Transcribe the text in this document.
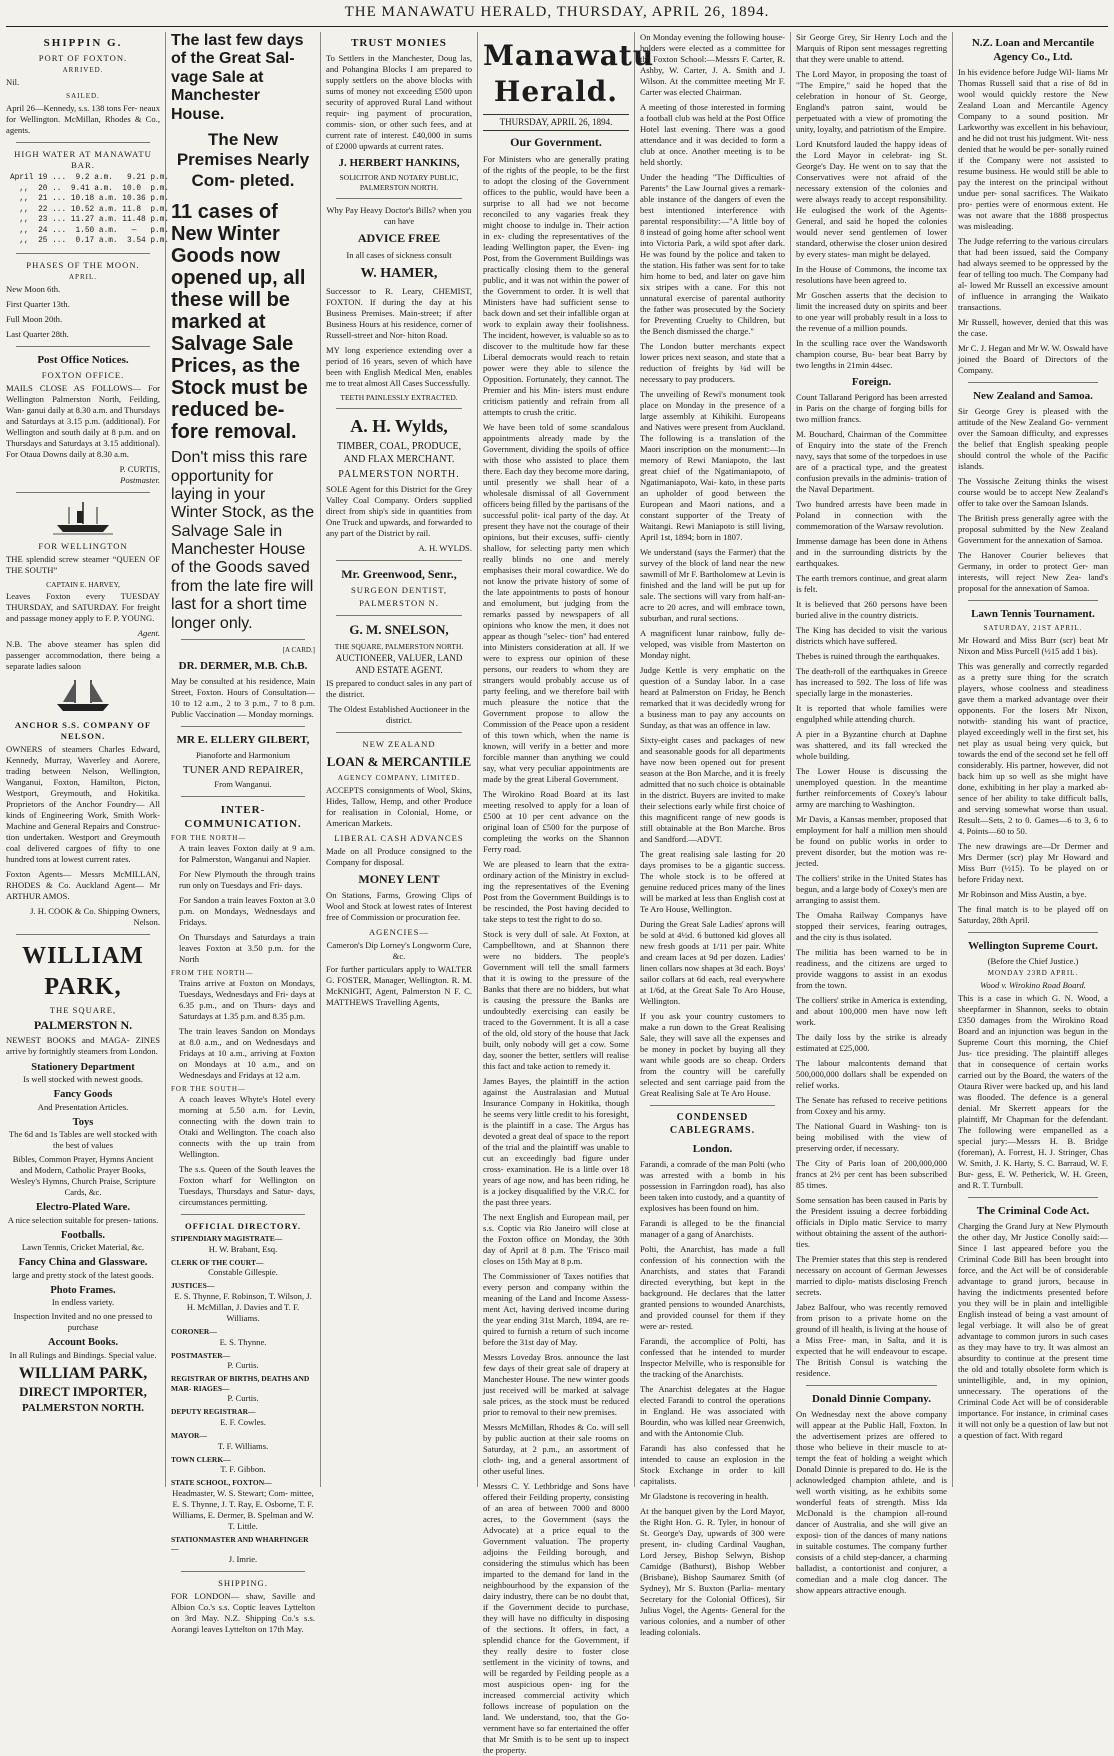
THE MANAWATU HERALD, THURSDAY, APRIL 26, 1894.
SHIPPIN G.
PORT OF FOXTON.
ARRIVED.

Nil.

SAILED.

April 26—Kennedy, s.s. 138 tons Fer- neaux for Wellington. McMillan, Rhodes & Co., agents.

HIGH WATER AT MANAWATU BAR.
April 19 ...  9.2 a.m.   9.21 p.m.
,,  20 ..  9.41 a.m.  10.0  p.m.
,,  21 ... 10.18 a.m. 10.36 p.m.
,,  22 ... 10.52 a.m. 11.8  p.m.
,,  23 ... 11.27 a.m. 11.48 p.m.
,,  24 ...  1.50 a.m.   —   p.m.
,,  25 ...  0.17 a.m.  3.54 p.m.
PHASES OF THE MOON.
APRIL.

New Moon 6th.

First Quarter 13th.

Full Moon 20th.

Last Quarter 28th.

Post Office Notices.
FOXTON OFFICE.

MAILS CLOSE AS FOLLOWS— For Wellington Palmerston North, Feilding, Wan- ganui daily at 8.30 a.m. and Thursdays and Saturdays at 3.15 p.m. (additional). For Wellington and south daily at 8 p.m. and on Thursdays and Saturdays at 3.15 additional). For Otaua Downs daily at 8.30 a.m.

P. CURTIS,
Postmaster.
FOR WELLINGTON

THE splendid screw steamer “QUEEN OF THE SOUTH”

CAPTAIN E. HARVEY,

Leaves Foxton every TUESDAY THURSDAY, and SATURDAY. For freight and passage money apply to F. P. YOUNG.

Agent.

N.B. The above steamer has splen did passenger accommodation, there being a separate ladies saloon

ANCHOR S.S. COMPANY OF NELSON.

OWNERS of steamers Charles Edward, Kennedy, Murray, Waverley and Aorere, trading between Nelson, Wellington, Wanganui, Foxton, Hamilton, Picton, Westport, Greymouth, and Hokitika. Proprietors of the Anchor Foundry— All kinds of Engineering Work, Smith Work- Machine and General Repairs and Construc- tion undertaken. Westport and Greymouth coal delivered cargoes of fifty to one hundred tons at lowest current rates.

Foxton Agents— Messrs McMILLAN, RHODES & Co. Auckland Agent— Mr ARTHUR AMOS.

J. H. COOK & Co. Shipping Owners, Nelson.
WILLIAM PARK,
THE SQUARE,
PALMERSTON N.

NEWEST BOOKS and MAGA- ZINES arrive by fortnightly steamers from London.

Stationery Department
Is well stocked with newest goods.
Fancy Goods
And Presentation Articles.
Toys
The 6d and 1s Tables are well stocked with the best of values
Bibles, Common Prayer, Hymns Ancient and Modern, Catholic Prayer Books, Wesley's Hymns, Church Praise, Scripture Cards, &c.
Electro-Plated Ware.
A nice selection suitable for presen- tations.
Footballs.
Lawn Tennis, Cricket Material, &c.
Fancy China and Glassware.
large and pretty stock of the latest goods.
Photo Frames.
In endless variety.
Inspection Invited and no one pressed to purchase
Account Books.
In all Rulings and Bindings. Special value.
WILLIAM PARK,
DIRECT IMPORTER,
PALMERSTON NORTH.
The last few days of the Great Sal- vage Sale at Manchester House.
The New Premises Nearly Com- pleted.
11 cases of New Winter Goods now opened up, all these will be marked at Salvage Sale Prices, as the Stock must be reduced be- fore removal.
Don't miss this rare opportunity for laying in your Winter Stock, as the Salvage Sale in Manchester House of the Goods saved from the late fire will last for a short time longer only.
[A CARD.]
DR. DERMER, M.B. Ch.B.

May be consulted at his residence, Main Street, Foxton. Hours of Consultation—10 to 12 a.m., 2 to 3 p.m., 7 to 8 p.m. Public Vaccination — Monday mornings.

MR E. ELLERY GILBERT,
Pianoforte and Harmonium
TUNER AND REPAIRER,
From Wanganui.
INTER-COMMUNICATION.
FOR THE NORTH—

A train leaves Foxton daily at 9 a.m. for Palmerston, Wanganui and Napier.

For New Plymouth the through trains run only on Tuesdays and Fri- days.

For Sandon a train leaves Foxton at 3.0 p.m. on Mondays, Wednesdays and Fridays.

On Thursdays and Saturdays a train leaves Foxton at 3.50 p.m. for the North

FROM THE NORTH—

Trains arrive at Foxton on Mondays, Tuesdays, Wednesdays and Fri- days at 6.35 p.m., and on Thurs- days and Saturdays at 1.35 p.m. and 8.35 p.m.

The train leaves Sandon on Mondays at 8.0 a.m., and on Wednesdays and Fridays at 10 a.m., arriving at Foxton on Mondays at 10 a.m., and on Wednesdays and Fridays at 12 a.m.

FOR THE SOUTH—

A coach leaves Whyte's Hotel every morning at 5.50 a.m. for Levin, connecting with the down train to Otaki and Wellington. The coach also connects with the up train from Wellington.

The s.s. Queen of the South leaves the Foxton wharf for Wellington on Tuesdays, Thursdays and Satur- days, circumstances permitting.

OFFICIAL DIRECTORY.
STIPENDIARY MAGISTRATE—
H. W. Brabant, Esq.
CLERK OF THE COURT—
Constable Gillespie.
JUSTICES—
E. S. Thynne, F. Robinson, T. Wilson, J. H. McMillan, J. Davies and T. F. Williams.
CORONER—
E. S. Thynne.
POSTMASTER—
P. Curtis.
REGISTRAR OF BIRTHS, DEATHS AND MAR- RIAGES—
P. Curtis.
DEPUTY REGISTRAR—
E. F. Cowles.
MAYOR—
T. F. Williams.
TOWN CLERK—
T. F. Gibbon.
STATE SCHOOL, FOXTON—
Headmaster, W. S. Stewart; Com- mittee, E. S. Thynne, J. T. Ray, E. Osborne, T. F. Williams, E. Dermer, B. Spelman and W. T. Little.
STATIONMASTER AND WHARFINGER—
J. Imrie.
SHIPPING.

FOR LONDON— shaw, Saville and Albion Co.'s s.s. Coptic leaves Lyttelton on 3rd May. N.Z. Shipping Co.'s s.s. Aorangi leaves Lyttelton on 17th May.

TRUST MONIES

To Settlers in the Manchester, Doug las, and Pohangina Blocks I am prepared to supply settlers on the above blocks with sums of money not exceeding £500 upon security of approved Rural Land without requir- ing payment of procuration, commis- sion, or other such fees, and at current rate of interest. £40,000 in sums of £2000 upwards at current rates.

J. HERBERT HANKINS,
SOLICITOR AND NOTARY PUBLIC, PALMERSTON NORTH.
Why Pay Heavy Doctor's Bills? when you can have
ADVICE FREE
In all cases of sickness consult
W. HAMER,

Successor to R. Leary, CHEMIST, FOXTON. If during the day at his Business Premises. Main-street; if after Business Hours at his residence, corner of Russell-street and Nor- hiton Road.

MY long experience extending over a period of 16 years, seven of which have been with English Medical Men, enables me to treat almost All Cases Successfully.

TEETH PAINLESSLY EXTRACTED.
A. H. Wylds,
TIMBER, COAL, PRODUCE, AND FLAX MERCHANT.
PALMERSTON NORTH.

SOLE Agent for this District for the Grey Valley Coal Company. Orders supplied direct from ship's side in quantities from One Truck and upwards, and forwarded to any part of the District by rail.

A. H. WYLDS.
Mr. Greenwood, Senr.,
SURGEON DENTIST,
PALMERSTON N.
G. M. SNELSON,
THE SQUARE, PALMERSTON NORTH.
AUCTIONEER, VALUER, LAND AND ESTATE AGENT.

IS prepared to conduct sales in any part of the district.

The Oldest Established Auctioneer in the district.
NEW ZEALAND
LOAN & MERCANTILE
AGENCY COMPANY, LIMITED.

ACCEPTS consignments of Wool, Skins, Hides, Tallow, Hemp, and other Produce for realisation in Colonial, Home, or American Markets.

LIBERAL CASH ADVANCES

Made on all Produce consigned to the Company for disposal.

MONEY LENT

On Stations, Farms, Growing Clips of Wool and Stock at lowest rates of Interest free of Commission or procuration fee.

AGENCIES—
Cameron's Dip Lorney's Longworm Cure, &c.

For further particulars apply to WALTER G. FOSTER, Manager, Wellington. R. M. McKNIGHT, Agent, Palmerston N F. C. MATTHEWS Travelling Agents,

Manawatu Herald.
THURSDAY, APRIL 26, 1894.
Our Government.

For Ministers who are generally prating of the rights of the people, to be the first to adopt the closing of the Government offices to the public, would have been a surprise to all had we not become reconciled to any vagaries freak they might choose to indulge in. Their action in ex- cluding the representatives of the leading Wellington paper, the Even- ing Post, from the Government Buildings was practically closing them to the general public, and it was not within the power of the Government to order. It is well that Ministers have had sufficient sense to back down and set their infallible organ at work to explain away their foolishness. The incident, however, is valuable so as to discover to the multitude how far these Liberal democrats would reach to retain power were they able to silence the Opposition. Fortunately, they cannot. The Premier and his Min- isters must endure criticism patiently and refrain from all attempts to crush the critic.

We have been told of some scandalous appointments already made by the Government, dividing the spoils of office with those who assisted to place them there. Each day they become more daring, until presently we shall hear of a wholesale dismissal of all Government officers being filled by the partisans of the successful polit- ical party of the day. At present they have not the courage of their opinions, but their excuses, suffi- ciently shallow, for selecting party men which really blinds no one and merely emphasises their moral cowardice. We do not know the private history of some of the late appointments to posts of honour and emolument, but judging from the remarks passed by newspapers of all opinions who know the men, it does not appear as though "selec- tion" had entered into Ministers consideration at all. If we were to express our opinion of these persons, our readers to whom they are strangers would probably accuse us of party feeling, and we therefore bail with much pleasure the notice that the Government propose to allow the Commission of the Peace upon a resident of this town which, when the name is known, will verify in a better and more forcible manner than anything we could say, what very peculiar appointments are made by the great Liberal Government.

The Wirokino Road Board at its last meeting resolved to apply for a loan of £500 at 10 per cent advance on the original loan of £500 for the purpose of completing the works on the Shannon Ferry road.

We are pleased to learn that the extra- ordinary action of the Ministry in exclud- ing the representatives of the Evening Post from the Government Buildings is to be rescinded, the Post having decided to take steps to test the right to do so.

Stock is very dull of sale. At Foxton, at Campbelltown, and at Shannon there were no bidders. The people's Government will tell the small farmers that it is owing to the pressure of the Banks that there are no bidders, but what is causing the pressure the Banks are undoubtedly exercising can easily be traced to the Government. It is all a case of the old, old story of the house that Jack built, only nobody will get a cow. Some day, sooner the better, settlers will realise this fact and take action to remedy it.

James Bayes, the plaintiff in the action against the Australasian and Mutual Insurance Company in Hokitika, though he seems very little credit to his foresight, is the plaintiff in a case. The Argus has devoted a great deal of space to the report of the trial and the plaintiff was unable to cut an exceedingly bad figure under cross- examination. He is a little over 18 years of age now, and has been riding, he is a jockey disqualified by the V.R.C. for the past three years.

The next English and European mail, per s.s. Coptic via Rio Janeiro will close at the Foxton office on Monday, the 30th day of April at 8 p.m. The 'Frisco mail closes on 15th May at 8 p.m.

The Commissioner of Taxes notifies that every person and company within the meaning of the Land and Income Assess- ment Act, having derived income during the year ending 31st March, 1894, are re- quired to furnish a return of such income before the 31st day of May.

Messrs Loveday Bros. announce the last few days of their great sale of drapery at Manchester House. The new winter goods just received will be marked at salvage sale prices, as the stock must be reduced prior to removal to their new premises.

Messrs McMillan, Rhodes & Co. will sell by public auction at their sale rooms on Saturday, at 2 p.m., an assortment of cloth- ing, and a general assortment of other useful lines.

Messrs C. Y. Lethbridge and Sons have offered their Feilding property, consisting of an area of between 7000 and 8000 acres, to the Government (says the Advocate) at a price equal to the Government valuation. The property adjoins the Feilding borough, and considering the stimulus which has been imparted to the demand for land in the neighbourhood by the expansion of the dairy industry, there can be no doubt that, if the Government decide to purchase, they will have no difficulty in disposing of the sections. It offers, in fact, a splendid chance for the Government, if they really desire to foster close settlement in the vicinity of towns, and will be regarded by Feilding people as a most auspicious open- ing for the increased commercial activity which follows increase of population on the land. We understand, too, that the Go- vernment have so far entertained the offer that Mr Smith is to be sent up to inspect the property.

On Monday evening the following house- holders were elected as a committee for the Foxton School:—Messrs F. Carter, R. Ashby, W. Carter, J. A. Smith and J. Wilson. At the committee meeting Mr F. Carter was elected Chairman.

A meeting of those interested in forming a football club was held at the Post Office Hotel last evening. There was a good attendance and it was decided to form a club at once. Another meeting is to be held shortly.

Under the heading "The Difficulties of Parents" the Law Journal gives a remark- able instance of the dangers of even the best intentioned interference with parental responsibility:—"A little boy of 8 instead of going home after school went into Victoria Park, a wild spot after dark. He was found by the police and taken to the station. His father was sent for to take him home to bed, and later on gave him six stripes with a cane. For this not unnatural exercise of parental authority the father was prosecuted by the Society for Preventing Cruelty to Children, but the Bench dismissed the charge."

The London butter merchants expect lower prices next season, and state that a reduction of freights by ¼d will be necessary to pay producers.

The unveiling of Rewi's monument took place on Monday in the presence of a large assembly at Kihikihi. Europeans and Natives were present from Auckland. The following is a translation of the Maori inscription on the monument:—In memory of Rewi Maniapoto, the last great chief of the Ngatimaniapoto, of Ngatimaniapoto, Wai- kato, in these parts an upholder of good between the European and Maori nations, and a constant supporter of the Treaty of Waitangi. Rewi Maniapoto is still living, April 1st, 1894; born in 1807.

We understand (says the Farmer) that the survey of the block of land near the new sawmill of Mr F. Bartholomew at Levin is finished and the land will be put up for sale. The sections will vary from half-an-acre to 20 acres, and will embrace town, suburban, and rural sections.

A magnificent lunar rainbow, fully de- veloped, was visible from Masterton on Monday night.

Judge Kettle is very emphatic on the question of a Sunday labor. In a case heard at Palmerston on Friday, he Bench remarked that it was decidedly wrong for a business man to pay any accounts on Sunday, as that was an offence in law.

Sixty-eight cases and packages of new and seasonable goods for all departments have now been opened out for present season at the Bon Marche, and it is freely admitted that no such choice is obtainable in the district. Buyers are invited to make their selections early while first choice of this magnificent range of new goods is still obtainable at the Bon Marche. Bros and Sandford.—ADVT.

The great realising sale lasting for 20 days promises to be a gigantic success. The whole stock is to be offered at genuine reduced prices many of the lines will be marked at less than English cost at Te Aro House, Wellington.

During the Great Sale Ladies' aprons will be sold at 4½d. 6 buttoned kid gloves all new fresh goods at 1/11 per pair. White and cream laces at 9d per dozen. Ladies' linen collars now shapes at 3d each. Boys' sailor collars at 6d each, real everywhere at 1/6d, at the Great Sale To Aro House, Wellington.

If you ask your country customers to make a run down to the Great Realising Sale, they will save all the expenses and be money in pocket by buying all they want while goods are so cheap. Orders from the country will be carefully selected and sent carriage paid from the Great Realising Sale at Te Aro House.

CONDENSED CABLEGRAMS.
London.

Farandi, a comrade of the man Polti (who was arrested with a bomb in his possession in Farringdon road), has also been taken into custody, and a quantity of explosives has been found on him.

Farandi is alleged to be the financial manager of a gang of Anarchists.

Polti, the Anarchist, has made a full confession of his connection with the Anarchists, and states that Farandi directed everything, but kept in the background. He declares that the latter granted pensions to wounded Anarchists, and provided counsel for them if they were ar- rested.

Farandi, the accomplice of Polti, has confessed that he intended to murder Inspector Melville, who is responsible for the tracking of the Anarchists.

The Anarchist delegates at the Hague elected Farandi to control the operations in England. He was associated with Bourdin, who was killed near Greenwich, and with the Antonomie Club.

Farandi has also confessed that he intended to cause an explosion in the Stock Exchange in order to kill capitalists.

Mr Gladstone is recovering in health.

At the banquet given by the Lord Mayor, the Right Hon. G. R. Tyler, in honour of St. George's Day, upwards of 300 were present, in- cluding Cardinal Vaughan, Lord Jersey, Bishop Selwyn, Bishop Camidge (Bathurst), Bishop Webber (Brisbane), Bishop Saumarez Smith (of Sydney), Mr S. Buxton (Parlia- mentary Secretary for the Colonial Offices), Sir Julius Vogel, the Agents- General for the various colonies, and a number of other leading colonials.

Sir George Grey, Sir Henry Loch and the Marquis of Ripon sent messages regretting that they were unable to attend.

The Lord Mayor, in proposing the toast of "The Empire," said he hoped that the celebration in honour of St. George, England's patron saint, would be perpetuated with a view of promoting the unity, loyalty, and patriotism of the Empire.

Lord Knutsford lauded the happy ideas of the Lord Mayor in celebrat- ing St. George's Day. He went on to say that the Conservatives were not afraid of the necessary extension of the colonies and were always ready to accept responsibility. He eulogised the work of the Agents- General, and said he hoped the colonies would never send gentlemen of lower standard, otherwise the closer union desired by every states- man might be delayed.

In the House of Commons, the income tax resolutions have been agreed to.

Mr Goschen asserts that the decision to limit the increased duty on spirits and beer to one year will probably result in a loss to the revenue of a million pounds.

In the sculling race over the Wandsworth champion course, Bu- bear beat Barry by two lengths in 21min 44sec.

Foreign.

Count Tallarand Perigord has been arrested in Paris on the charge of forging bills for two million francs.

M. Bouchard, Chairman of the Committee of Enquiry into the state of the French navy, says that some of the torpedoes in use are of a practical type, and the greatest confusion prevails in the adminis- tration of the Naval Department.

Two hundred arrests have been made in Poland in connection with the commemoration of the Warsaw revolution.

Immense damage has been done in Athens and in the surrounding districts by the earthquakes.

The earth tremors continue, and great alarm is felt.

It is believed that 260 persons have been buried alive in the country districts.

The King has decided to visit the various districts which have suffered.

Thebes is ruined through the earthquakes.

The death-roll of the earthquakes in Greece has increased to 592. The loss of life was specially large in the monasteries.

It is reported that whole families were engulphed while attending church.

A pier in a Byzantine church at Daphne was shattered, and its fall wrecked the whole building.

The Lower House is discussing the unemployed question. In the meantime further reinforcements of Coxey's labour army are marching to Washington.

Mr Davis, a Kansas member, proposed that employment for half a million men should be found on public works in order to prevent disorder, but the motion was re- jected.

The colliers' strike in the United States has begun, and a large body of Coxey's men are arranging to assist them.

The Omaha Railway Companys have stopped their services, fearing outrages, and the city is thus isolated.

The militia has been warned to be in readiness, and the citizens are urged to provide waggons to assist in an exodus from the town.

The colliers' strike in America is extending, and about 100,000 men have now left work.

The daily loss by the strike is already estimated at £25,000.

The labour malcontents demand that 500,000,000 dollars shall be expended on relief works.

The Senate has refused to receive petitions from Coxey and his army.

The National Guard in Washing- ton is being mobilised with the view of preserving order, if necessary.

The City of Paris loan of 200,000,000 francs at 2½ per cent has been subscribed 85 times.

Some sensation has been caused in Paris by the President issuing a decree forbidding officials in Diplo matic Service to marry without obtaining the assent of the authori- ties.

The Premier states that this step is rendered necessary on account of German Jewesses married to diplo- matists disclosing French secrets.

Jabez Balfour, who was recently removed from prison to a private home on the ground of ill health, is living at the house of a Miss Free- man, in Salta, and it is expected that he will endeavour to escape. The British Consul is watching the residence.

Donald Dinnie Company.

On Wednesday next the above company will appear at the Public Hall, Foxton. In the advertisement prizes are offered to those who believe in their muscle to at- tempt the feat of holding a weight which Donald Dinnie is prepared to do. He is the acknowledged champion athlete, and is well worth visiting, as he exhibits some wonderful feats of strength. Miss Ida McDonald is the champion all-round dancer of Australia, and she will give an exposi- tion of the dances of many nations in suitable costumes. The company further consists of a child step-dancer, a charming balladist, a contortionist and conjurer, a comedian and a male clog dancer. The show appears attractive enough.

N.Z. Loan and Mercantile Agency Co., Ltd.

In his evidence before Judge Wil- liams Mr Thomas Russell said that a rise of 8d in wool would quickly restore the New Zealand Loan and Mercantile Agency Company to a sound position. Mr Larkworthy was excellent in his behaviour, and he did not trust his judgment. Wit- ness denied that he would be per- sonally ruined if the Company were not assisted to resume business. He would still be able to pay the interest on the principal without undue per- sonal sacrifices. The Waikato pro- perties were of enormous extent. He was not aware that the 1888 prospectus was misleading.

The Judge referring to the various circulars that had been issued, said the Company had always seemed to be oppressed by the fear of telling too much. The Company had al- lowed Mr Russell an excessive amount of influence in arranging the Waikato transactions.

Mr Russell, however, denied that this was the case.

Mr C. J. Hegan and Mr W. W. Oswald have joined the Board of Directors of the Company.

New Zealand and Samoa.

Sir George Grey is pleased with the attitude of the New Zealand Go- vernment over the Samoan difficulty, and expresses the belief that English speaking people should control the whole of the Pacific islands.

The Vossische Zeitung thinks the wisest course would be to accept New Zealand's offer to take over the Samoan Islands.

The British press generally agree with the proposal submitted by the New Zealand Government for the annexation of Samoa.

The Hanover Courier believes that Germany, in order to protect Ger- man interests, will reject New Zea- land's proposal for the annexation of Samoa.

Lawn Tennis Tournament.
SATURDAY, 21ST APRIL.

Mr Howard and Miss Burr (scr) beat Mr Nixon and Miss Purcell (½15 add 1 bis).

This was generally and correctly regarded as a pretty sure thing for the scratch players, whose coolness and steadiness gave them a marked advantage over their opponents. For the losers Mr Nixon, notwith- standing his want of practice, played exceedingly well in the first set, his net play as usual being very quick, but towards the end of the second set he fell off considerably. His partner, however, did not back him up so well as she might have done, exhibiting in her play a marked ab- sence of her ability to take difficult balls, and serving somewhat worse than usual. Result—Sets, 2 to 0. Games—6 to 3, 6 to 4. Points—60 to 50.

The new drawings are—Dr Dermer and Mrs Dermer (scr) play Mr Howard and Miss Burr (½15). To be played on or before Friday next.

Mr Robinson and Miss Austin, a bye.

The final match is to be played off on Saturday, 28th April.

Wellington Supreme Court.
(Before the Chief Justice.)
MONDAY 23RD APRIL.
Wood v. Wirokino Road Board.

This is a case in which G. N. Wood, a sheepfarmer in Shannon, seeks to obtain £350 damages from the Wirokino Road Board and an injunction was begun in the Supreme Court this morning, the Chief Jus- tice presiding. The plaintiff alleges that in consequence of certain works carried out by the Board, the waters of the Otaura River were backed up, and his land was flooded. The defence is a general denial. Mr Skerrett appears for the plaintiff, Mr Chapman for the defendant. The following were empanelled as a special jury:—Messrs H. B. Bridge (foreman), A. Forrest, H. J. Stringer, Chas W. Smith, J. K. Harty, S. C. Barraud, W. F. Bur- gess, E. W. Petherick, W. H. Green, and R. T. Turnbull.

The Criminal Code Act.

Charging the Grand Jury at New Plymouth the other day, Mr Justice Conolly said:—Since I last appeared before you the Criminal Code Bill has been brought into force, and the Act will be of considerable advantage to grand jurors, because in having the indictments presented before you they will be in plain and intelligible English instead of being a vast amount of legal verbiage. It will also be of great advantage to common jurors in such cases as they may have to try. It was almost an absurdity to continue at the present time the old and totally obsolete form which is unintelligible, and, in my opinion, unnecessary. The operations of the Criminal Code Act will be of considerable importance. For instance, in criminal cases it will not only be a question of law but not a question of fact. With regard
